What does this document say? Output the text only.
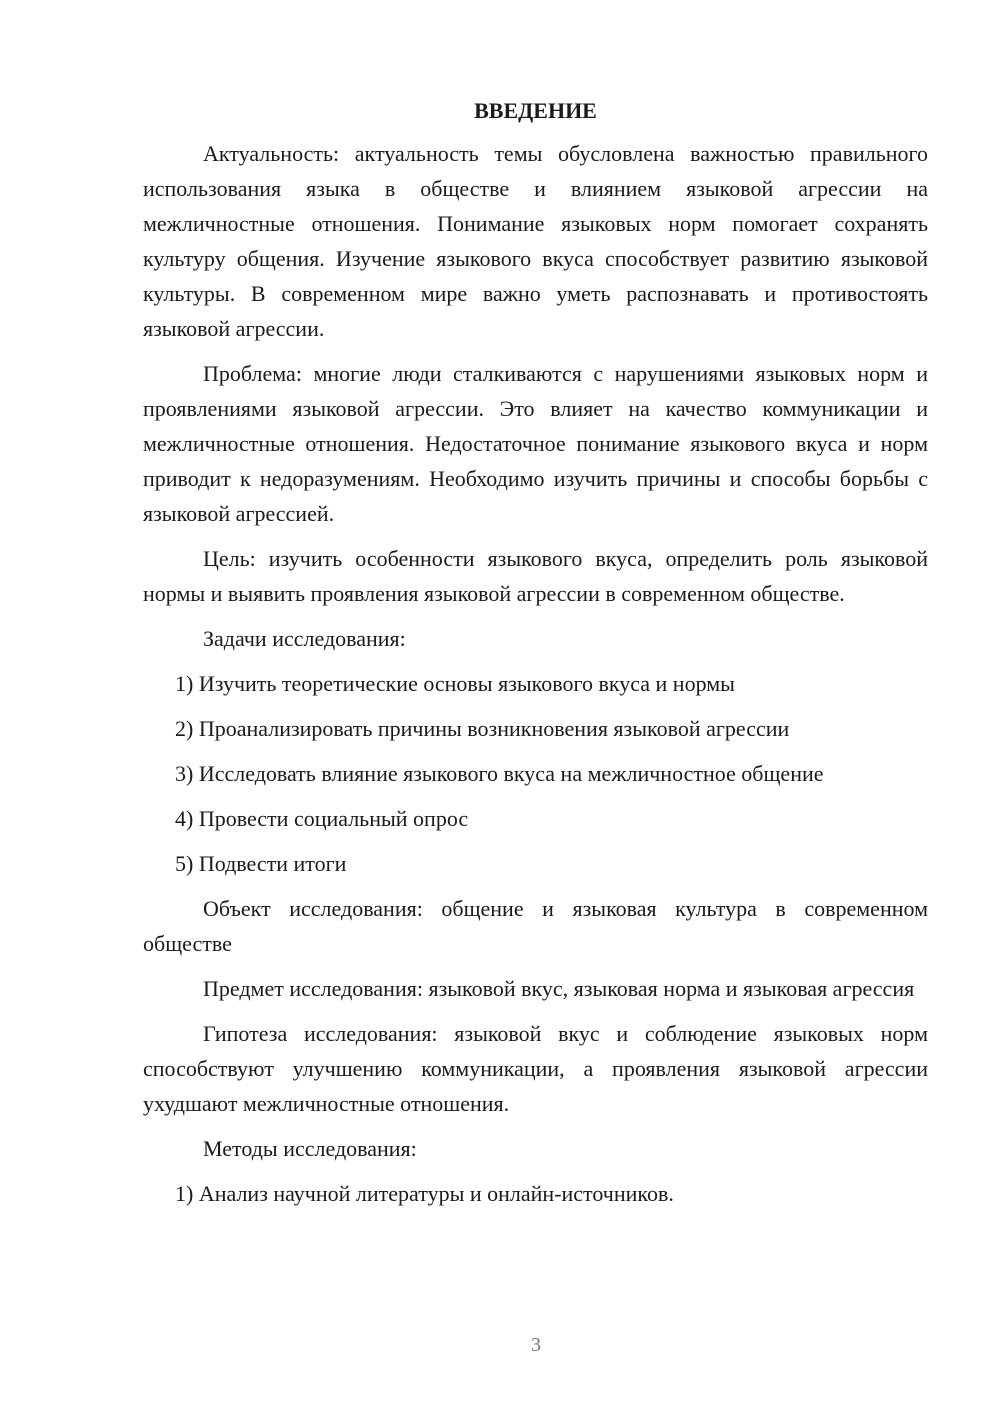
ВВЕДЕНИЕ

Актуальность: актуальность темы обусловлена важностью правильного использования языка в обществе и влиянием языковой агрессии на межличностные отношения. Понимание языковых норм помогает сохранять культуру общения. Изучение языкового вкуса способствует развитию языковой культуры. В современном мире важно уметь распознавать и противостоять языковой агрессии.

Проблема: многие люди сталкиваются с нарушениями языковых норм и проявлениями языковой агрессии. Это влияет на качество коммуникации и межличностные отношения. Недостаточное понимание языкового вкуса и норм приводит к недоразумениям. Необходимо изучить причины и способы борьбы с языковой агрессией.

Цель: изучить особенности языкового вкуса, определить роль языковой нормы и выявить проявления языковой агрессии в современном обществе.

Задачи исследования:

1) Изучить теоретические основы языкового вкуса и нормы
2) Проанализировать причины возникновения языковой агрессии
3) Исследовать влияние языкового вкуса на межличностное общение
4) Провести социальный опрос
5) Подвести итоги

Объект исследования: общение и языковая культура в современном обществе

Предмет исследования: языковой вкус, языковая норма и языковая агрессия

Гипотеза исследования: языковой вкус и соблюдение языковых норм способствуют улучшению коммуникации, а проявления языковой агрессии ухудшают межличностные отношения.

Методы исследования:

1) Анализ научной литературы и онлайн-источников.
3
